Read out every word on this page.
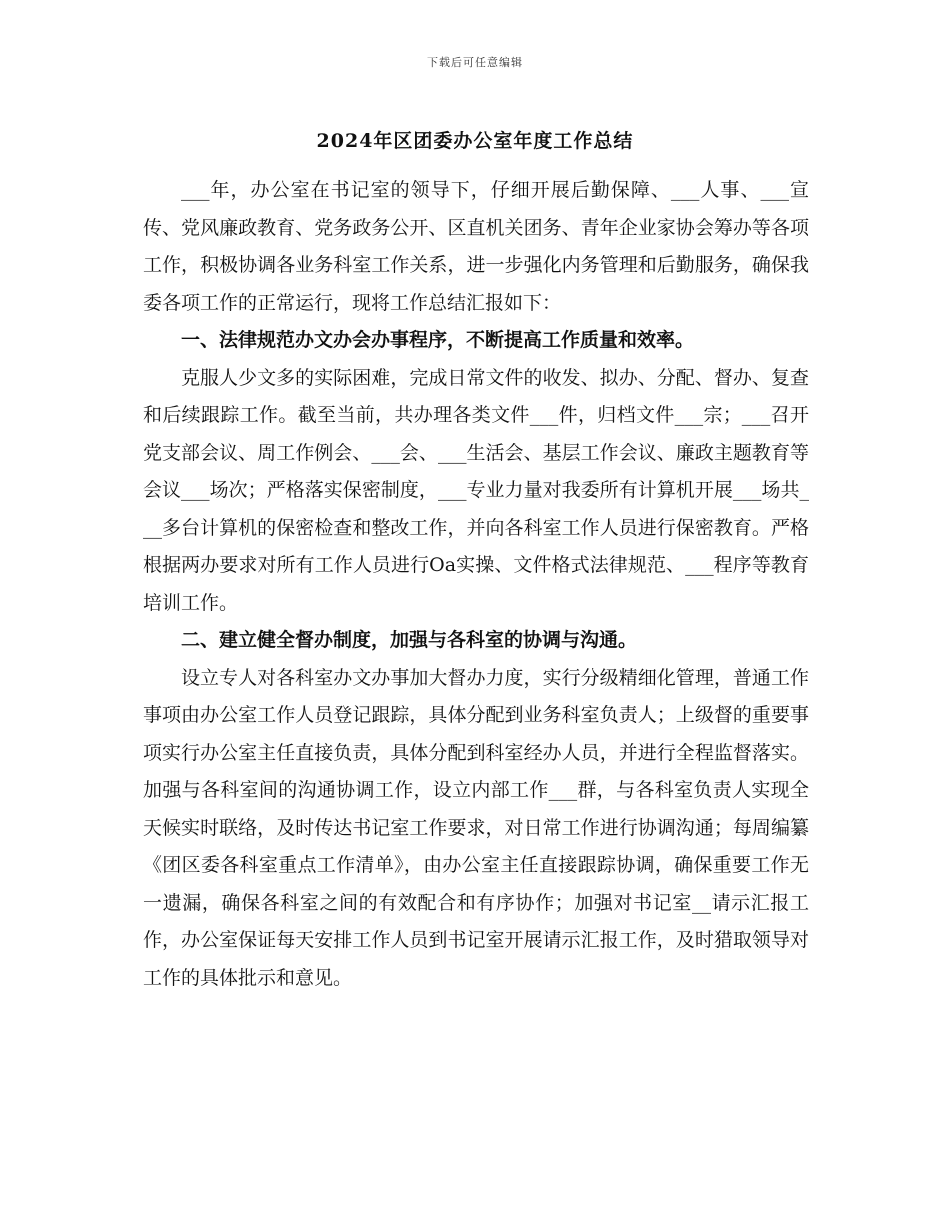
下载后可任意编辑
2024年区团委办公室年度工作总结

___年，办公室在书记室的领导下，仔细开展后勤保障、___人事、___宣传、党风廉政教育、党务政务公开、区直机关团务、青年企业家协会筹办等各项工作，积极协调各业务科室工作关系，进一步强化内务管理和后勤服务，确保我委各项工作的正常运行，现将工作总结汇报如下：

一、法律规范办文办会办事程序，不断提高工作质量和效率。

克服人少文多的实际困难，完成日常文件的收发、拟办、分配、督办、复查和后续跟踪工作。截至当前，共办理各类文件___件，归档文件___宗；___召开党支部会议、周工作例会、___会、___生活会、基层工作会议、廉政主题教育等会议___场次；严格落实保密制度，___专业力量对我委所有计算机开展___场共___多台计算机的保密检查和整改工作，并向各科室工作人员进行保密教育。严格根据两办要求对所有工作人员进行Oa实操、文件格式法律规范、___程序等教育培训工作。

二、建立健全督办制度，加强与各科室的协调与沟通。

设立专人对各科室办文办事加大督办力度，实行分级精细化管理，普通工作事项由办公室工作人员登记跟踪，具体分配到业务科室负责人；上级督的重要事项实行办公室主任直接负责，具体分配到科室经办人员，并进行全程监督落实。加强与各科室间的沟通协调工作，设立内部工作___群，与各科室负责人实现全天候实时联络，及时传达书记室工作要求，对日常工作进行协调沟通；每周编纂《团区委各科室重点工作清单》，由办公室主任直接跟踪协调，确保重要工作无一遗漏，确保各科室之间的有效配合和有序协作；加强对书记室__请示汇报工作，办公室保证每天安排工作人员到书记室开展请示汇报工作，及时猎取领导对工作的具体批示和意见。
